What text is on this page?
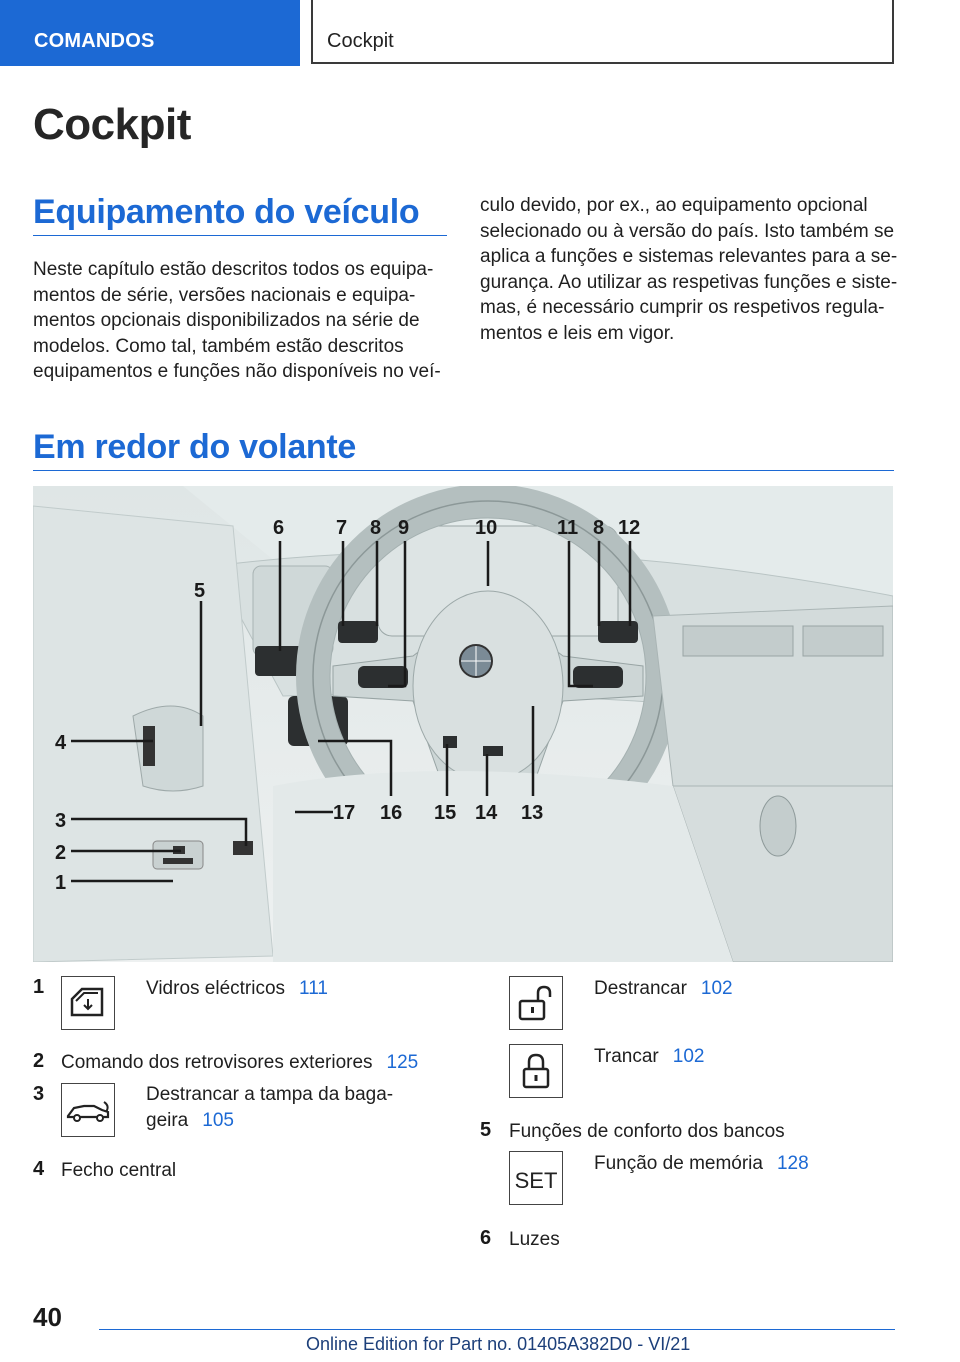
COMANDOS	Cockpit
Cockpit
Equipamento do veículo
Neste capítulo estão descritos todos os equipa-
mentos de série, versões nacionais e equipa-
mentos opcionais disponibilizados na série de
modelos. Como tal, também estão descritos
equipamentos e funções não disponíveis no veí-
culo devido, por ex., ao equipamento opcional
selecionado ou à versão do país. Isto também se
aplica a funções e sistemas relevantes para a se-
gurança. Ao utilizar as respetivas funções e siste-
mas, é necessário cumprir os respetivos regula-
mentos e leis em vigor.
Em redor do volante
6	7 8 9	10	11 8 12
5
4
3
2
1
17 16 15 14 13
1	Vidros eléctricos 111
2 Comando dos retrovisores exteriores 125
3	Destrancar a tampa da baga-
geira 105
4 Fecho central
Destrancar 102
Trancar 102
5 Funções de conforto dos bancos
SET
Função de memória 128
6 Luzes
40
Online Edition for Part no. 01405A382D0 - VI/21
